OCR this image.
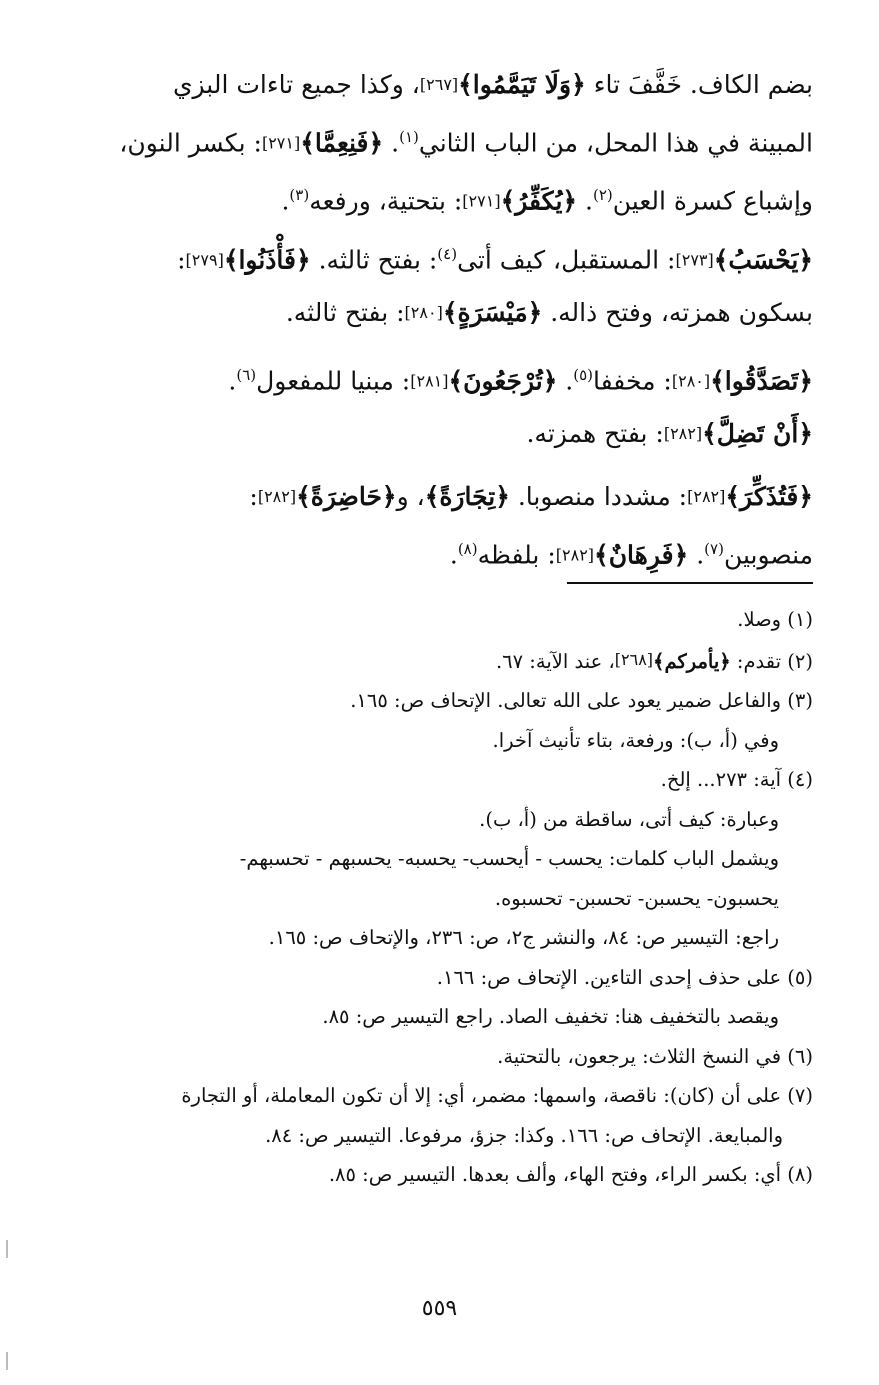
بضم الكاف. خَفَّفَ تاء ﴿وَلَا تَيَمَّمُوا﴾[٢٦٧]، وكذا جميع تاءات البزي
المبينة في هذا المحل، من الباب الثاني$^{(١)}$. ﴿فَنِعِمَّا﴾[٢٧١]: بكسر النون،
وإشباع كسرة العين$^{(٢)}$. ﴿يُكَفِّرُ﴾[٢٧١]: بتحتية، ورفعه$^{(٣)}$.
﴿يَحْسَبُ﴾[٢٧٣]: المستقبل، كيف أتى$^{(٤)}$: بفتح ثالثه. ﴿فَأْذَنُوا﴾[٢٧٩]:
بسكون همزته، وفتح ذاله. ﴿مَيْسَرَةٍ﴾[٢٨٠]: بفتح ثالثه.

﴿تَصَدَّقُوا﴾[٢٨٠]: مخففا$^{(٥)}$. ﴿تُرْجَعُونَ﴾[٢٨١]: مبنيا للمفعول$^{(٦)}$.
﴿أَنْ تَضِلَّ﴾[٢٨٢]: بفتح همزته.

﴿فَتُذَكِّرَ﴾[٢٨٢]: مشددا منصوبا. ﴿تِجَارَةً﴾، و﴿حَاضِرَةً﴾[٢٨٢]:
منصوبين$^{(٧)}$. ﴿فَرِهَانٌ﴾[٢٨٢]: بلفظه$^{(٨)}$.

(١) وصلا.
(٢) تقدم: ﴿يأمركم﴾[٢٦٨]، عند الآية: ٦٧.
(٣) والفاعل ضمير يعود على الله تعالى. الإتحاف ص: ١٦٥.
وفي (أ، ب): ورفعة، بتاء تأنيث آخرا.
(٤) آية: ٢٧٣... إلخ.
وعبارة: كيف أتى، ساقطة من (أ، ب).
ويشمل الباب كلمات: يحسب - أيحسب- يحسبه- يحسبهم - تحسبهم-
يحسبون- يحسبن- تحسبن- تحسبوه.
راجع: التيسير ص: ٨٤، والنشر ج٢، ص: ٢٣٦، والإتحاف ص: ١٦٥.
(٥) على حذف إحدى التاءين. الإتحاف ص: ١٦٦.
ويقصد بالتخفيف هنا: تخفيف الصاد. راجع التيسير ص: ٨٥.
(٦) في النسخ الثلاث: يرجعون، بالتحتية.
(٧) على أن (كان): ناقصة، واسمها: مضمر، أي: إلا أن تكون المعاملة، أو التجارة
والمبايعة. الإتحاف ص: ١٦٦. وكذا: جزؤ، مرفوعا. التيسير ص: ٨٤.
(٨) أي: بكسر الراء، وفتح الهاء، وألف بعدها. التيسير ص: ٨٥.
٥٥٩
